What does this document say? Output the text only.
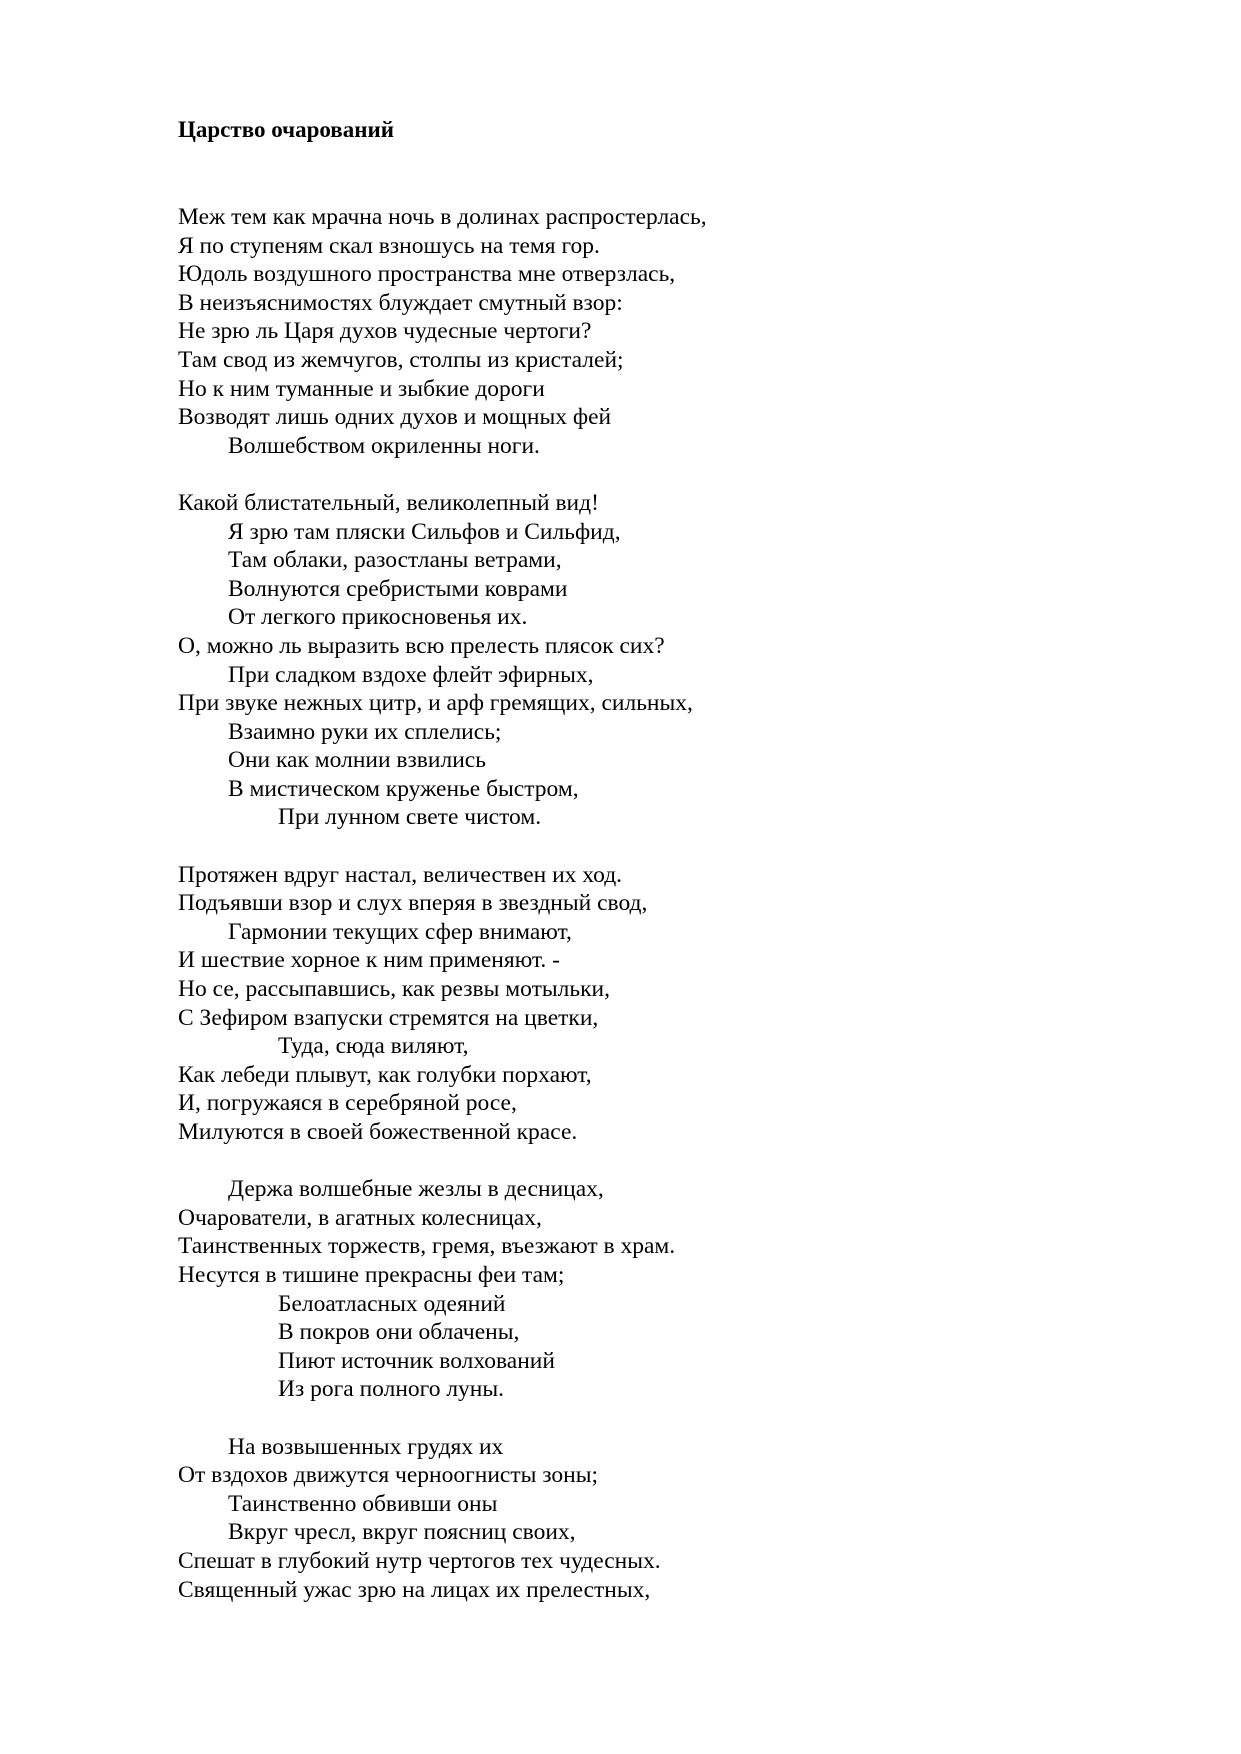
Царство очарований
Меж тем как мрачна ночь в долинах распростерлась,
Я по ступеням скал взношусь на темя гор.
Юдоль воздушного пространства мне отверзлась,
В неизъяснимостях блуждает смутный взор:
Не зрю ль Царя духов чудесные чертоги?
Там свод из жемчугов, столпы из кристалей;
Но к ним туманные и зыбкие дороги
Возводят лишь одних духов и мощных фей
Волшебством окриленны ноги.
Какой блистательный, великолепный вид!
Я зрю там пляски Сильфов и Сильфид,
Там облаки, разостланы ветрами,
Волнуются сребристыми коврами
От легкого прикосновенья их.
О, можно ль выразить всю прелесть плясок сих?
При сладком вздохе флейт эфирных,
При звуке нежных цитр, и арф гремящих, сильных,
Взаимно руки их сплелись;
Они как молнии взвились
В мистическом круженье быстром,
При лунном свете чистом.
Протяжен вдруг настал, величествен их ход.
Подъявши взор и слух вперяя в звездный свод,
Гармонии текущих сфер внимают,
И шествие хорное к ним применяют. -
Но се, рассыпавшись, как резвы мотыльки,
С Зефиром взапуски стремятся на цветки,
Туда, сюда виляют,
Как лебеди плывут, как голубки порхают,
И, погружаяся в серебряной росе,
Милуются в своей божественной красе.
Держа волшебные жезлы в десницах,
Очарователи, в агатных колесницах,
Таинственных торжеств, гремя, въезжают в храм.
Несутся в тишине прекрасны феи там;
Белоатласных одеяний
В покров они облачены,
Пиют источник волхований
Из рога полного луны.
На возвышенных грудях их
От вздохов движутся черноогнисты зоны;
Таинственно обвивши оны
Вкруг чресл, вкруг поясниц своих,
Спешат в глубокий нутр чертогов тех чудесных.
Священный ужас зрю на лицах их прелестных,
